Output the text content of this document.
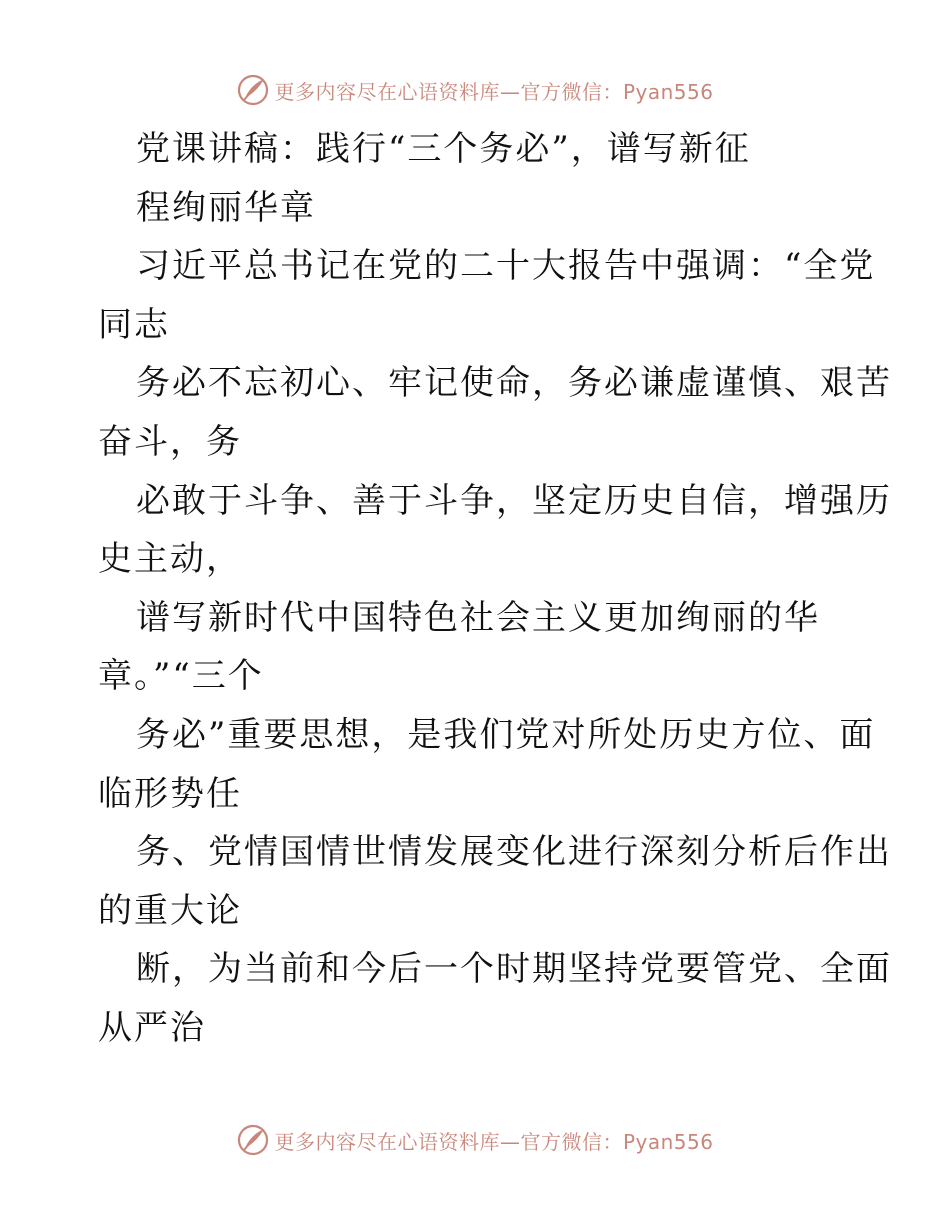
更多内容尽在心语资料库—官方微信：Pyan556
党课讲稿：践行“三个务必”，谱写新征
程绚丽华章
习近平总书记在党的二十大报告中强调：“全党
同志
务必不忘初心、牢记使命，务必谦虚谨慎、艰苦
奋斗，务
必敢于斗争、善于斗争，坚定历史自信，增强历
史主动，
谱写新时代中国特色社会主义更加绚丽的华
章。”“三个
务必”重要思想，是我们党对所处历史方位、面
临形势任
务、党情国情世情发展变化进行深刻分析后作出
的重大论
断，为当前和今后一个时期坚持党要管党、全面
从严治
更多内容尽在心语资料库—官方微信：Pyan556
